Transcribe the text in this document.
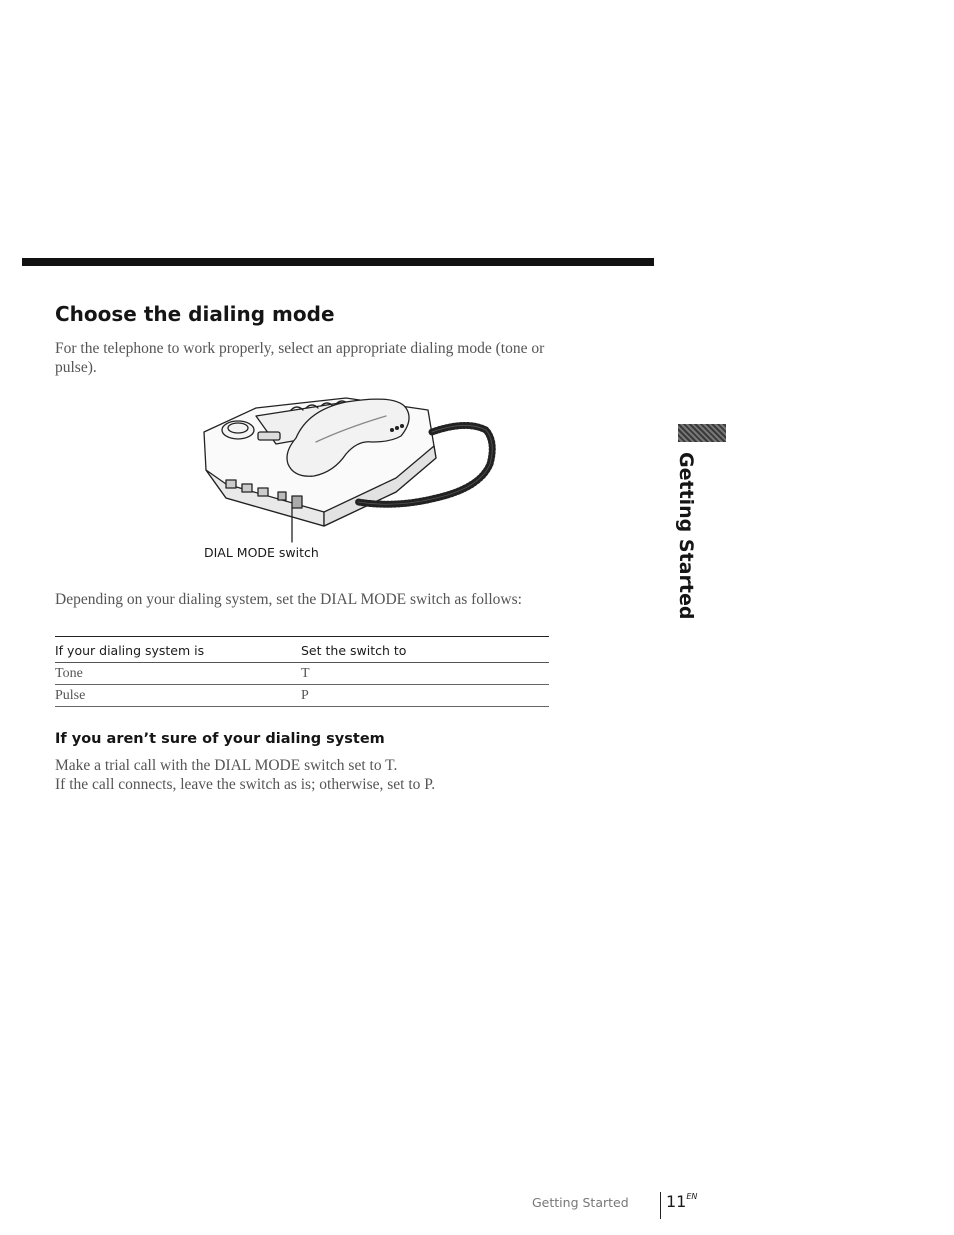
Choose the dialing mode

For the telephone to work properly, select an appropriate dialing mode (tone or pulse).

DIAL MODE switch

Depending on your dialing system, set the DIAL MODE switch as follows:

If your dialing system is	Set the switch to
Tone	T
Pulse	P
If you aren’t sure of your dialing system
Make a trial call with the DIAL MODE switch set to T.
If the call connects, leave the switch as is; otherwise, set to P.
Getting Started
Getting Started $11^{EN}$
